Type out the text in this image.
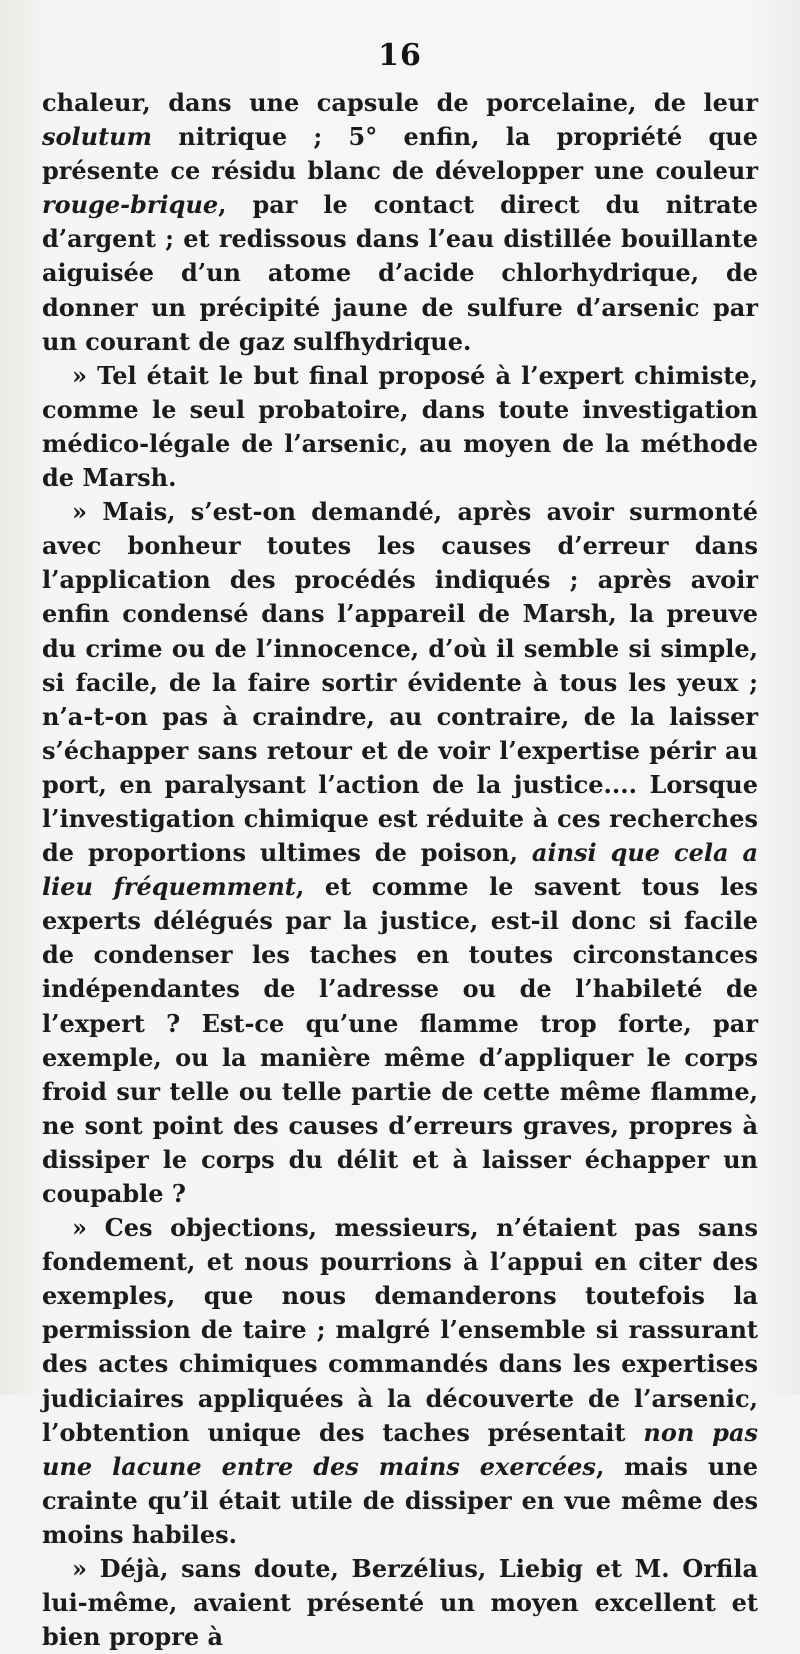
16

chaleur, dans une capsule de porcelaine, de leur solutum nitrique ; 5° enfin, la propriété que présente ce résidu blanc de développer une couleur rouge-brique, par le contact direct du nitrate d’argent ; et redissous dans l’eau distillée bouillante aiguisée d’un atome d’acide chlorhydrique, de donner un précipité jaune de sulfure d’arsenic par un courant de gaz sulfhydrique.

» Tel était le but final proposé à l’expert chimiste, comme le seul probatoire, dans toute investigation médico-légale de l’arsenic, au moyen de la méthode de Marsh.

» Mais, s’est-on demandé, après avoir surmonté avec bonheur toutes les causes d’erreur dans l’application des procédés indiqués ; après avoir enfin condensé dans l’appareil de Marsh, la preuve du crime ou de l’innocence, d’où il semble si simple, si facile, de la faire sortir évidente à tous les yeux ; n’a-t-on pas à craindre, au contraire, de la laisser s’échapper sans retour et de voir l’expertise périr au port, en paralysant l’action de la justice.... Lorsque l’investigation chimique est réduite à ces recherches de proportions ultimes de poison, ainsi que cela a lieu fréquemment, et comme le savent tous les experts délégués par la justice, est-il donc si facile de condenser les taches en toutes circonstances indépendantes de l’adresse ou de l’habileté de l’expert ? Est-ce qu’une flamme trop forte, par exemple, ou la manière même d’appliquer le corps froid sur telle ou telle partie de cette même flamme, ne sont point des causes d’erreurs graves, propres à dissiper le corps du délit et à laisser échapper un coupable ?

» Ces objections, messieurs, n’étaient pas sans fondement, et nous pourrions à l’appui en citer des exemples, que nous demanderons toutefois la permission de taire ; malgré l’ensemble si rassurant des actes chimiques commandés dans les expertises judiciaires appliquées à la découverte de l’arsenic, l’obtention unique des taches présentait non pas une lacune entre des mains exercées, mais une crainte qu’il était utile de dissiper en vue même des moins habiles.

» Déjà, sans doute, Berzélius, Liebig et M. Orfila lui-même, avaient présenté un moyen excellent et bien propre à
